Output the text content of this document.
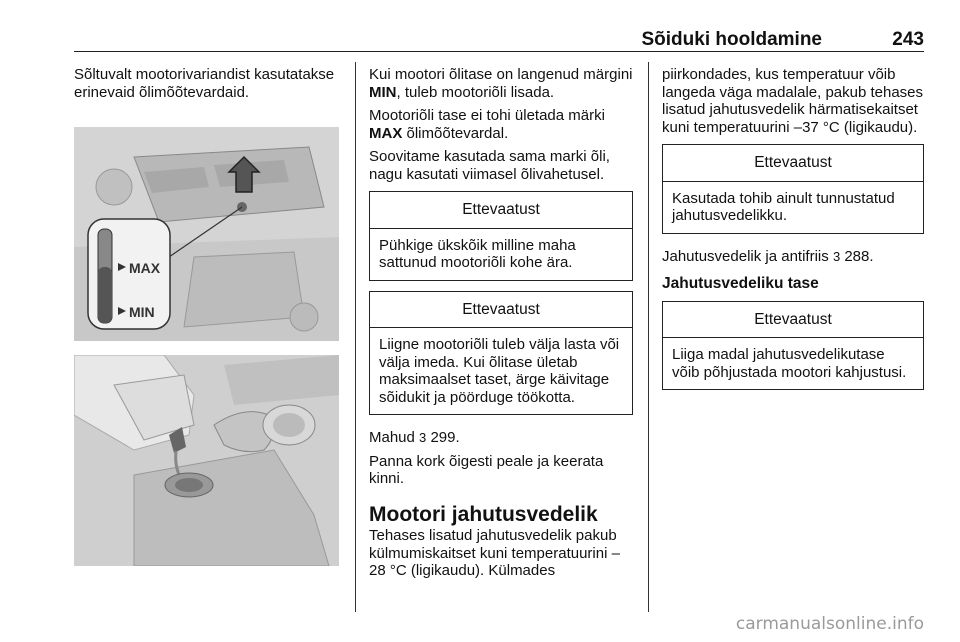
Sõiduki hooldamine	243

Sõltuvalt mootorivariandist kasutatakse erinevaid õlimõõtevardaid.

MAX
MIN

Kui mootori õlitase on langenud märgini MIN, tuleb mootoriõli lisada.

Mootoriõli tase ei tohi ületada märki MAX õlimõõtevardal.

Soovitame kasutada sama marki õli, nagu kasutati viimasel õlivahetusel.

Ettevaatust
Pühkige ükskõik milline maha sattunud mootoriõli kohe ära.
Ettevaatust
Liigne mootoriõli tuleb välja lasta või välja imeda. Kui õlitase ületab maksimaalset taset, ärge käivitage sõidukit ja pöörduge töökotta.

Mahud 3 299.

Panna kork õigesti peale ja keerata kinni.

Mootori jahutusvedelik

Tehases lisatud jahutusvedelik pakub külmumiskaitset kuni temperatuurini –28 °C (ligikaudu). Külmades

piirkondades, kus temperatuur võib langeda väga madalale, pakub tehases lisatud jahutusvedelik härmatisekaitset kuni temperatuurini –37 °C (ligikaudu).

Ettevaatust
Kasutada tohib ainult tunnustatud jahutusvedelikku.

Jahutusvedelik ja antifriis 3 288.

Jahutusvedeliku tase
Ettevaatust
Liiga madal jahutusvedelikutase võib põhjustada mootori kahjustusi.
carmanualsonline.info
